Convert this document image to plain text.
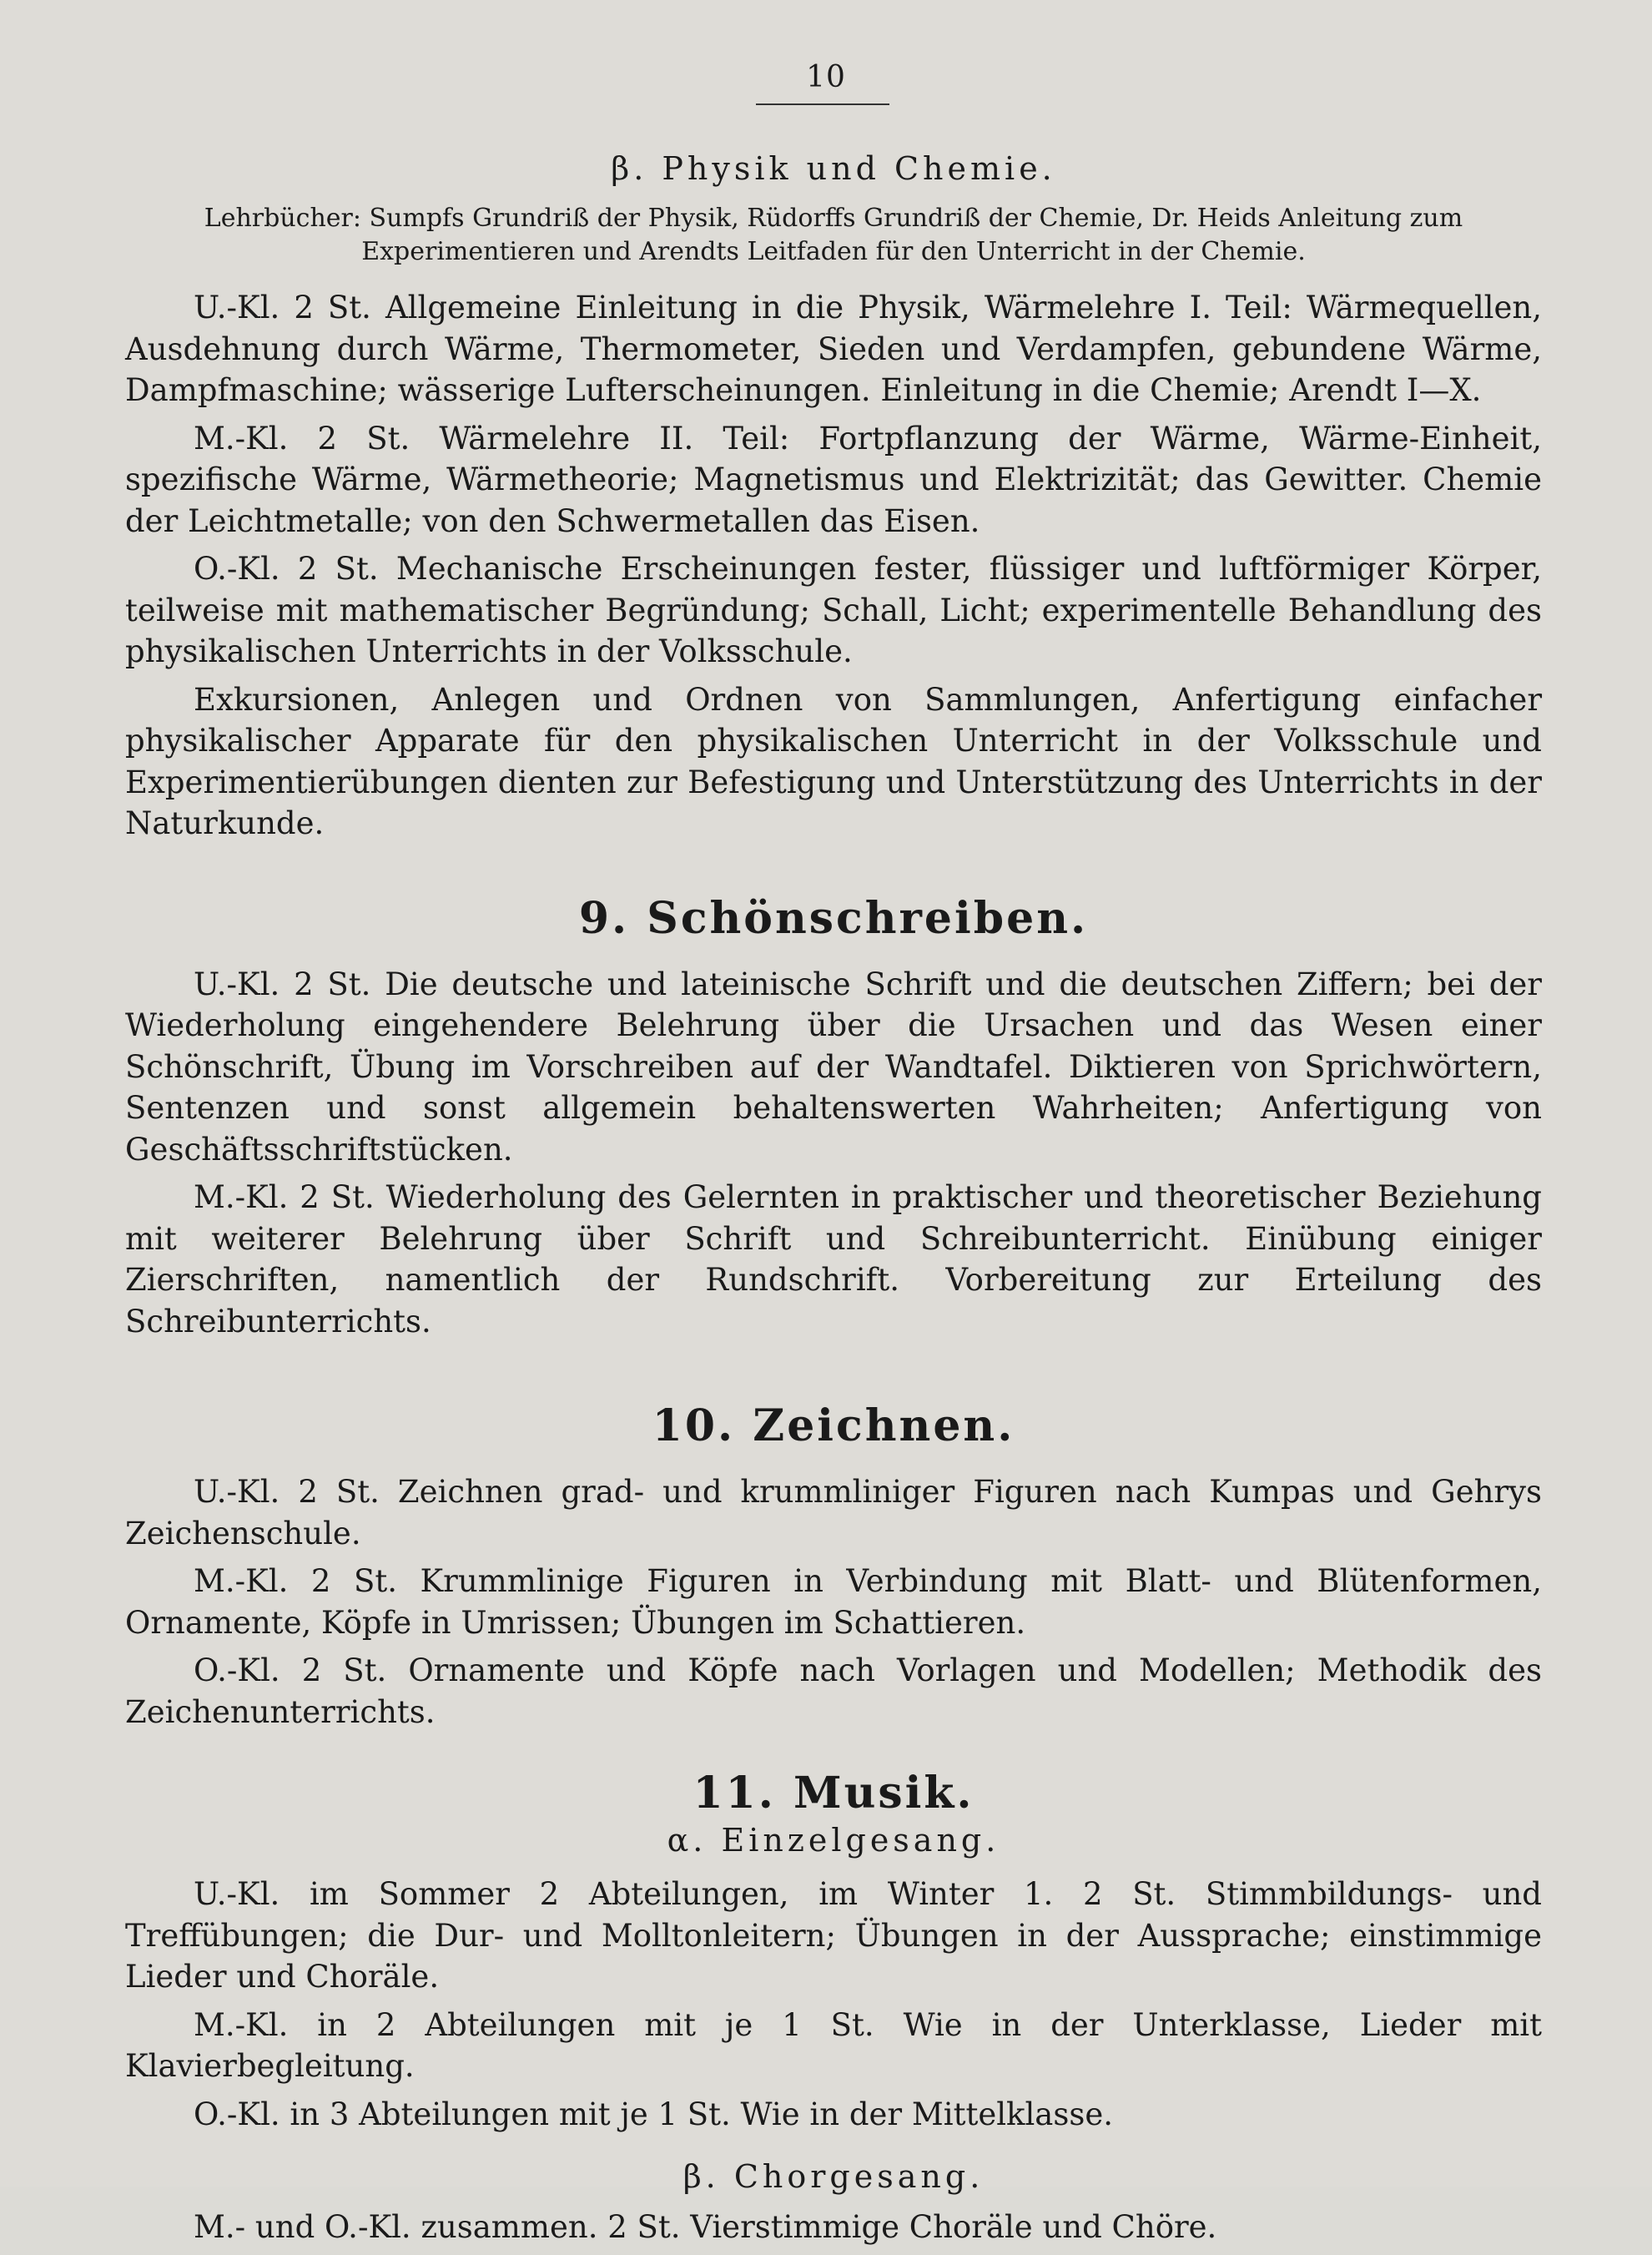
10
β. Physik und Chemie.
Lehrbücher: Sumpfs Grundriß der Physik, Rüdorffs Grundriß der Chemie, Dr. Heids Anleitung zum Experimentieren und Arendts Leitfaden für den Unterricht in der Chemie.

U.-Kl. 2 St. Allgemeine Einleitung in die Physik, Wärmelehre I. Teil: Wärmequellen, Ausdehnung durch Wärme, Thermometer, Sieden und Verdampfen, gebundene Wärme, Dampfmaschine; wässerige Lufterscheinungen. Einleitung in die Chemie; Arendt I—X.

M.-Kl. 2 St. Wärmelehre II. Teil: Fortpflanzung der Wärme, Wärme-Einheit, spezifische Wärme, Wärmetheorie; Magnetismus und Elektrizität; das Gewitter. Chemie der Leichtmetalle; von den Schwermetallen das Eisen.

O.-Kl. 2 St. Mechanische Erscheinungen fester, flüssiger und luftförmiger Körper, teilweise mit mathematischer Begründung; Schall, Licht; experimentelle Behandlung des physikalischen Unterrichts in der Volksschule.

Exkursionen, Anlegen und Ordnen von Sammlungen, Anfertigung einfacher physikalischer Apparate für den physikalischen Unterricht in der Volksschule und Experimentierübungen dienten zur Befestigung und Unterstützung des Unterrichts in der Naturkunde.

9. Schönschreiben.

U.-Kl. 2 St. Die deutsche und lateinische Schrift und die deutschen Ziffern; bei der Wiederholung eingehendere Belehrung über die Ursachen und das Wesen einer Schönschrift, Übung im Vorschreiben auf der Wandtafel. Diktieren von Sprichwörtern, Sentenzen und sonst allgemein behaltenswerten Wahrheiten; Anfertigung von Geschäftsschriftstücken.

M.-Kl. 2 St. Wiederholung des Gelernten in praktischer und theoretischer Beziehung mit weiterer Belehrung über Schrift und Schreibunterricht. Einübung einiger Zierschriften, namentlich der Rundschrift. Vorbereitung zur Erteilung des Schreibunterrichts.

10. Zeichnen.

U.-Kl. 2 St. Zeichnen grad- und krummliniger Figuren nach Kumpas und Gehrys Zeichenschule.

M.-Kl. 2 St. Krummlinige Figuren in Verbindung mit Blatt- und Blütenformen, Ornamente, Köpfe in Umrissen; Übungen im Schattieren.

O.-Kl. 2 St. Ornamente und Köpfe nach Vorlagen und Modellen; Methodik des Zeichenunterrichts.

11. Musik.
α. Einzelgesang.

U.-Kl. im Sommer 2 Abteilungen, im Winter 1. 2 St. Stimmbildungs- und Treffübungen; die Dur- und Molltonleitern; Übungen in der Aussprache; einstimmige Lieder und Choräle.

M.-Kl. in 2 Abteilungen mit je 1 St. Wie in der Unterklasse, Lieder mit Klavierbegleitung.

O.-Kl. in 3 Abteilungen mit je 1 St. Wie in der Mittelklasse.

β. Chorgesang.

M.- und O.-Kl. zusammen. 2 St. Vierstimmige Choräle und Chöre.
